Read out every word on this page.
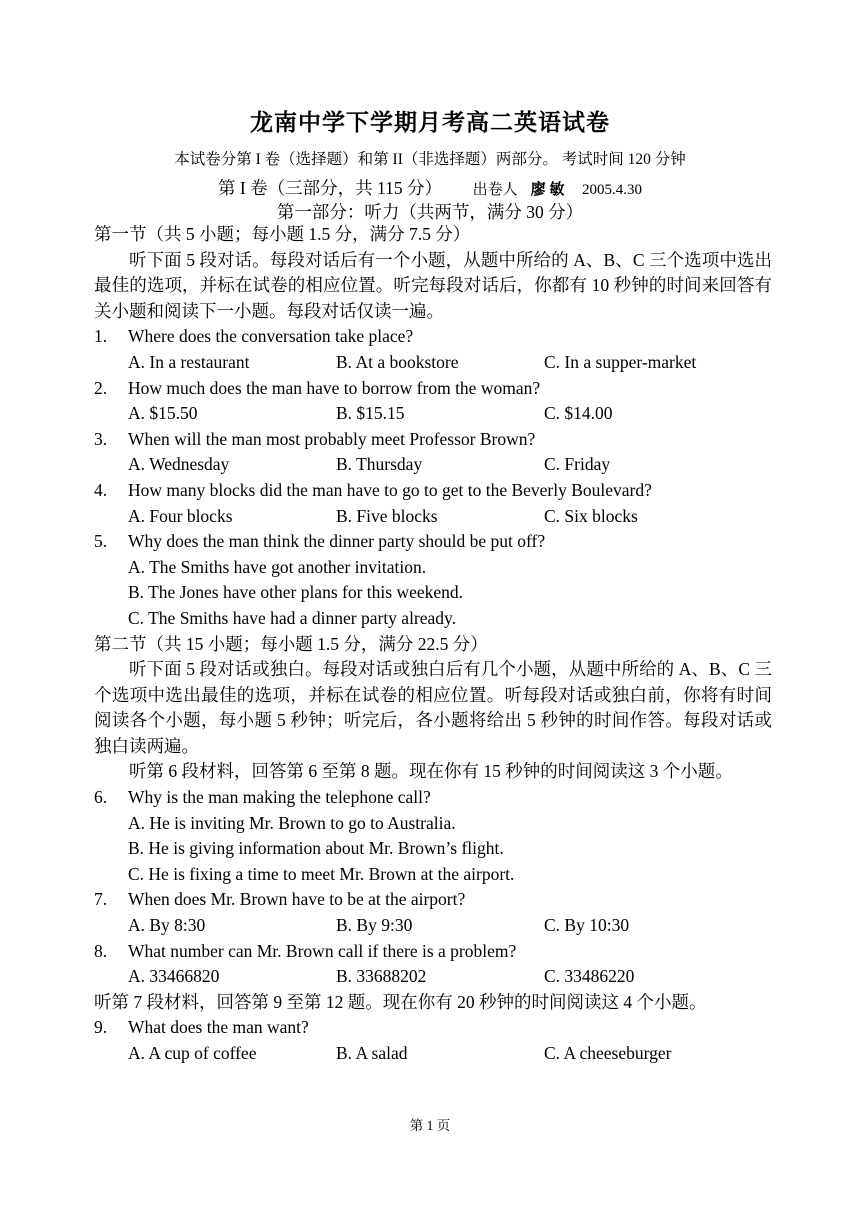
龙南中学下学期月考高二英语试卷
本试卷分第 I 卷（选择题）和第 II（非选择题）两部分。 考试时间 120 分钟
第 I 卷（三部分，共 115 分） 出卷人 廖 敏 2005.4.30
第一部分：听力（共两节，满分 30 分）

第一节（共 5 小题；每小题 1.5 分，满分 7.5 分）

听下面 5 段对话。每段对话后有一个小题，从题中所给的 A、B、C 三个选项中选出最佳的选项，并标在试卷的相应位置。听完每段对话后，你都有 10 秒钟的时间来回答有关小题和阅读下一小题。每段对话仅读一遍。

1.	Where does the conversation take place?
A. In a restaurant	B. At a bookstore	C. In a supper-market
2.	How much does the man have to borrow from the woman?
A. $15.50	B. $15.15	C. $14.00
3.	When will the man most probably meet Professor Brown?
A. Wednesday	B. Thursday	C. Friday
4.	How many blocks did the man have to go to get to the Beverly Boulevard?
A. Four blocks	B. Five blocks	C. Six blocks
5.	Why does the man think the dinner party should be put off?
A. The Smiths have got another invitation.
B. The Jones have other plans for this weekend.
C. The Smiths have had a dinner party already.

第二节（共 15 小题；每小题 1.5 分，满分 22.5 分）

听下面 5 段对话或独白。每段对话或独白后有几个小题，从题中所给的 A、B、C 三个选项中选出最佳的选项，并标在试卷的相应位置。听每段对话或独白前，你将有时间阅读各个小题，每小题 5 秒钟；听完后，各小题将给出 5 秒钟的时间作答。每段对话或独白读两遍。

听第 6 段材料，回答第 6 至第 8 题。现在你有 15 秒钟的时间阅读这 3 个小题。

6.	Why is the man making the telephone call?
A. He is inviting Mr. Brown to go to Australia.
B. He is giving information about Mr. Brown’s flight.
C. He is fixing a time to meet Mr. Brown at the airport.
7.	When does Mr. Brown have to be at the airport?
A. By 8:30	B. By 9:30	C. By 10:30
8.	What number can Mr. Brown call if there is a problem?
A. 33466820	B. 33688202	C. 33486220

听第 7 段材料，回答第 9 至第 12 题。现在你有 20 秒钟的时间阅读这 4 个小题。

9.	What does the man want?
A. A cup of coffee	B. A salad	C. A cheeseburger
第 1 页
